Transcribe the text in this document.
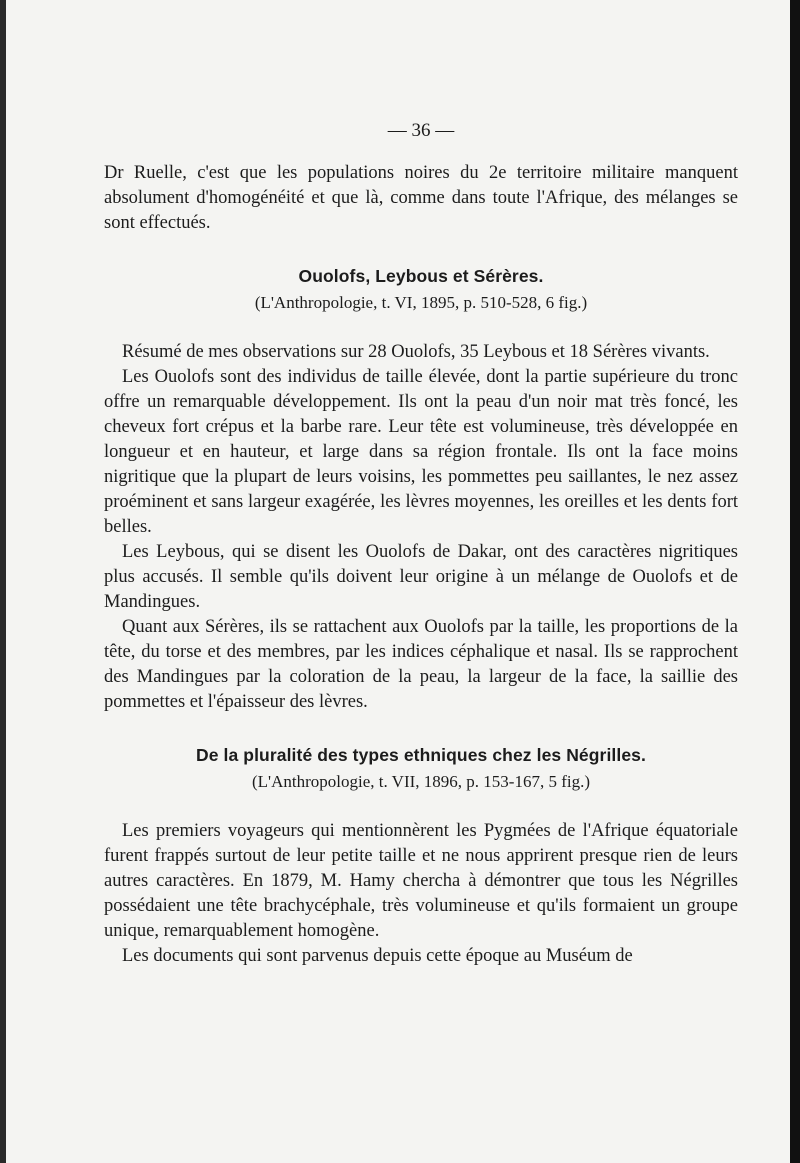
— 36 —

Dr Ruelle, c'est que les populations noires du 2e territoire militaire manquent absolument d'homogénéité et que là, comme dans toute l'Afrique, des mélanges se sont effectués.

Ouolofs, Leybous et Sérères.
(L'Anthropologie, t. VI, 1895, p. 510-528, 6 fig.)

Résumé de mes observations sur 28 Ouolofs, 35 Leybous et 18 Sérères vivants.

Les Ouolofs sont des individus de taille élevée, dont la partie supérieure du tronc offre un remarquable développement. Ils ont la peau d'un noir mat très foncé, les cheveux fort crépus et la barbe rare. Leur tête est volumineuse, très développée en longueur et en hauteur, et large dans sa région frontale. Ils ont la face moins nigritique que la plupart de leurs voisins, les pommettes peu saillantes, le nez assez proéminent et sans largeur exagérée, les lèvres moyennes, les oreilles et les dents fort belles.

Les Leybous, qui se disent les Ouolofs de Dakar, ont des caractères nigritiques plus accusés. Il semble qu'ils doivent leur origine à un mélange de Ouolofs et de Mandingues.

Quant aux Sérères, ils se rattachent aux Ouolofs par la taille, les proportions de la tête, du torse et des membres, par les indices céphalique et nasal. Ils se rapprochent des Mandingues par la coloration de la peau, la largeur de la face, la saillie des pommettes et l'épaisseur des lèvres.

De la pluralité des types ethniques chez les Négrilles.
(L'Anthropologie, t. VII, 1896, p. 153-167, 5 fig.)

Les premiers voyageurs qui mentionnèrent les Pygmées de l'Afrique équatoriale furent frappés surtout de leur petite taille et ne nous apprirent presque rien de leurs autres caractères. En 1879, M. Hamy chercha à démontrer que tous les Négrilles possédaient une tête brachycéphale, très volumineuse et qu'ils formaient un groupe unique, remarquablement homogène.

Les documents qui sont parvenus depuis cette époque au Muséum de
